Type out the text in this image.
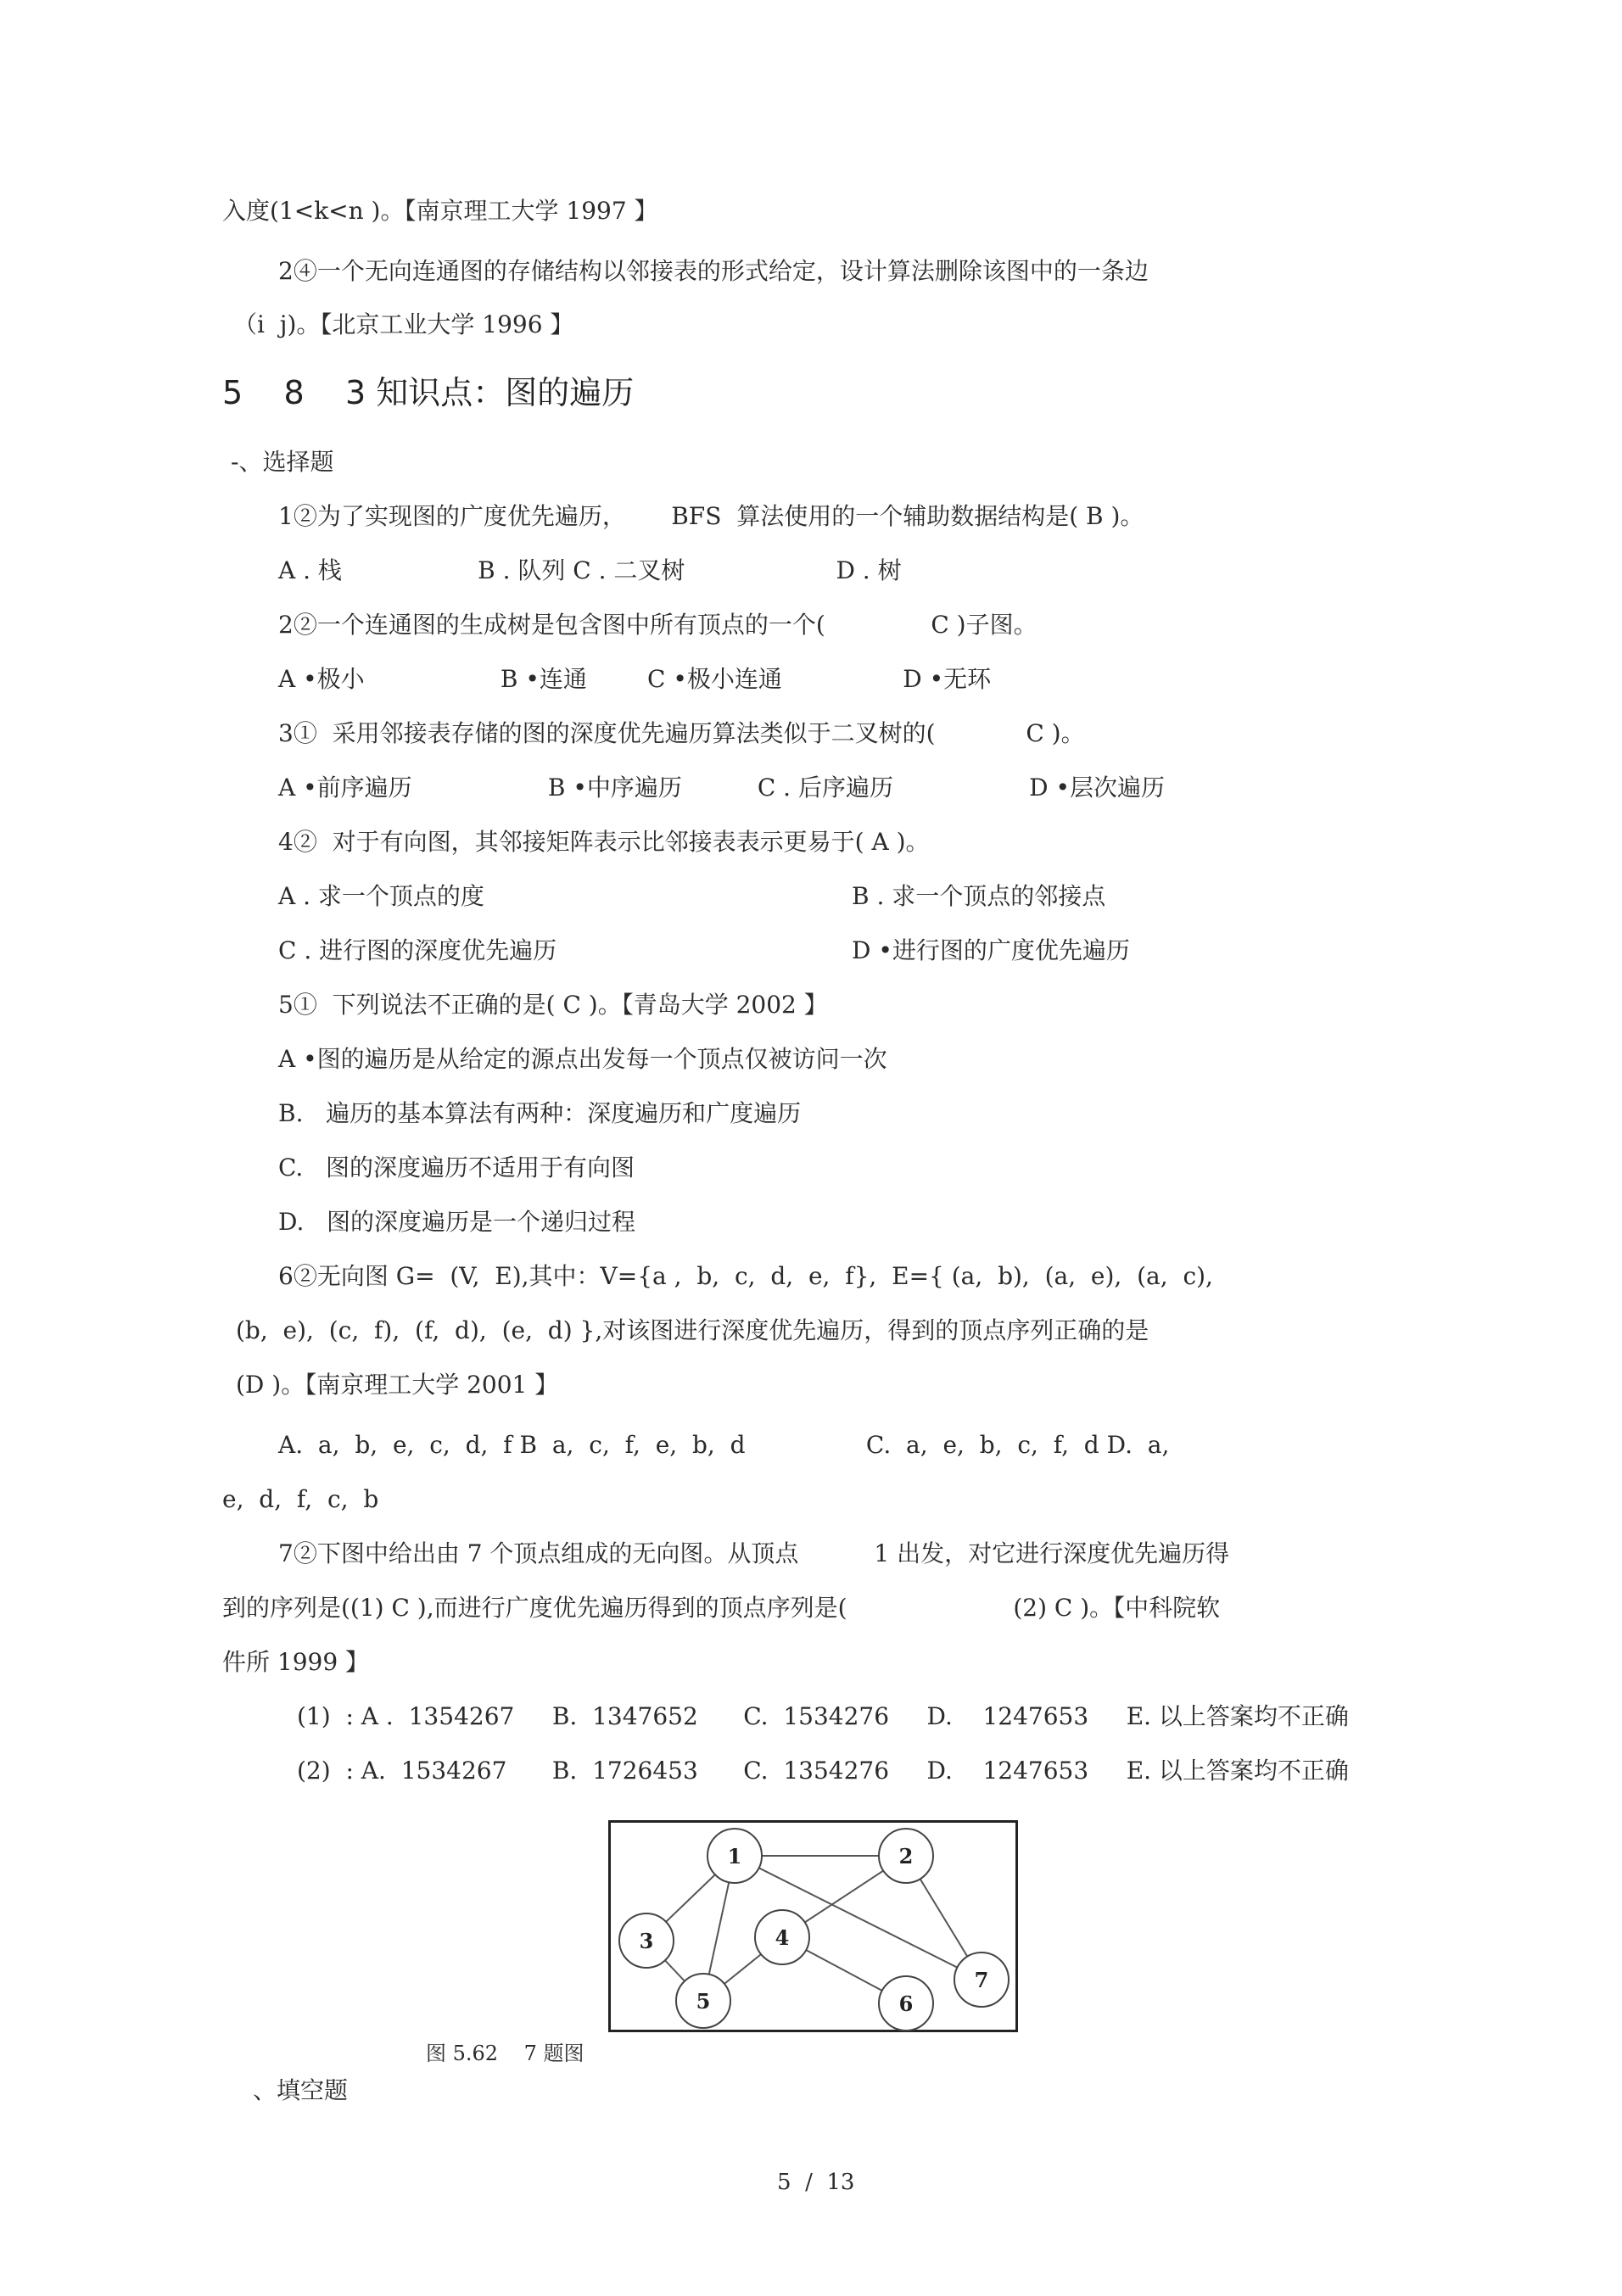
入度(1<k<n )。【南京理工大学 1997 】
2④一个无向连通图的存储结构以邻接表的形式给定，设计算法删除该图中的一条边
（i  j)。【北京工业大学 1996 】
5    8    3 知识点：图的遍历
-、选择题
1②为了实现图的广度优先遍历，      BFS  算法使用的一个辅助数据结构是( B )。
A . 栈                  B . 队列 C . 二叉树                    D . 树
2②一个连通图的生成树是包含图中所有顶点的一个(              C )子图。
A •极小                  B •连通        C •极小连通                D •无环
3①  采用邻接表存储的图的深度优先遍历算法类似于二叉树的(            C )。
A •前序遍历                  B •中序遍历          C . 后序遍历                  D •层次遍历
4②  对于有向图，其邻接矩阵表示比邻接表表示更易于( A )。
A . 求一个顶点的度	B . 求一个顶点的邻接点
C . 进行图的深度优先遍历	D •进行图的广度优先遍历
5①  下列说法不正确的是( C )。【青岛大学 2002 】
A •图的遍历是从给定的源点出发每一个顶点仅被访问一次
B.   遍历的基本算法有两种：深度遍历和广度遍历
C.   图的深度遍历不适用于有向图
D.   图的深度遍历是一个递归过程
6②无向图 G=  (V,  E),其中：V={a ,  b,  c,  d,  e,  f},  E={ (a,  b),  (a,  e),  (a,  c),
(b,  e),  (c,  f),  (f,  d),  (e,  d) },对该图进行深度优先遍历，得到的顶点序列正确的是
(D )。【南京理工大学 2001 】
A.  a,  b,  e,  c,  d,  f B  a,  c,  f,  e,  b,  d                C.  a,  e,  b,  c,  f,  d D.  a,
e,  d,  f,  c,  b
7②下图中给出由 7 个顶点组成的无向图。从顶点          1 出发，对它进行深度优先遍历得
到的序列是((1) C ),而进行广度优先遍历得到的顶点序列是(                      (2) C )。【中科院软
件所 1999 】
(1)  : A .  1354267     B.  1347652      C.  1534276     D.    1247653     E. 以上答案均不正确
(2)  : A.  1534267      B.  1726453      C.  1354276     D.    1247653     E. 以上答案均不正确
1	2
3	4
5	6
7
图 5.62    7 题图
、填空题
5  /  13
